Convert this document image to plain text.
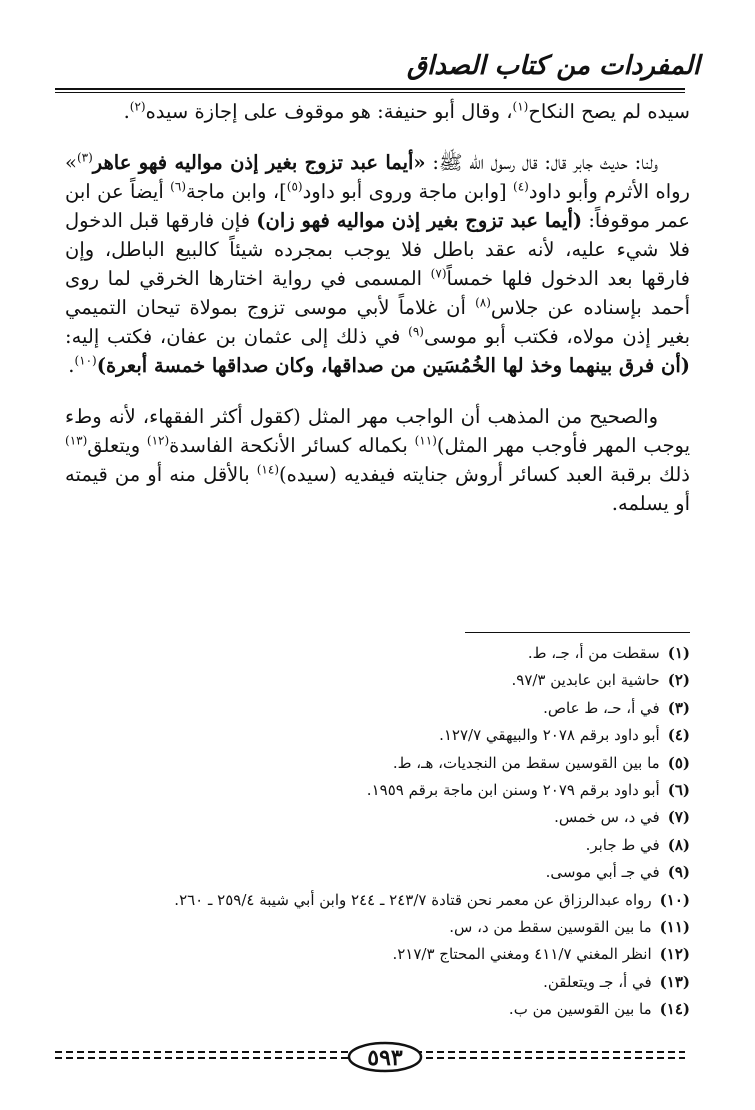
المفردات من كتاب الصداق

سيده لم يصح النكاح$^{(١)}$، وقال أبو حنيفة: هو موقوف على إجازة سيده$^{(٢)}$.

ولنا: حديث جابر قال: قال رسول الله ﷺ: «أيما عبد تزوج بغير إذن مواليه فهو عاهر$^{(٣)}$» رواه الأثرم وأبو داود$^{(٤)}$ [وابن ماجة وروى أبو داود$^{(٥)}$]، وابن ماجة$^{(٦)}$ أيضاً عن ابن عمر موقوفاً: (أيما عبد تزوج بغير إذن مواليه فهو زان) فإن فارقها قبل الدخول فلا شيء عليه، لأنه عقد باطل فلا يوجب بمجرده شيئاً كالبيع الباطل، وإن فارقها بعد الدخول فلها خمساً$^{(٧)}$ المسمى في رواية اختارها الخرقي لما روى أحمد بإسناده عن جلاس$^{(٨)}$ أن غلاماً لأبي موسى تزوج بمولاة تيحان التميمي بغير إذن مولاه، فكتب أبو موسى$^{(٩)}$ في ذلك إلى عثمان بن عفان، فكتب إليه: (أن فرق بينهما وخذ لها الخُمُسَين من صداقها، وكان صداقها خمسة أبعرة)$^{(١٠)}$.

والصحيح من المذهب أن الواجب مهر المثل (كقول أكثر الفقهاء، لأنه وطء يوجب المهر فأوجب مهر المثل)$^{(١١)}$ بكماله كسائر الأنكحة الفاسدة$^{(١٢)}$ ويتعلق$^{(١٣)}$ ذلك برقبة العبد كسائر أروش جنايته فيفديه (سيده)$^{(١٤)}$ بالأقل منه أو من قيمته أو يسلمه.

(١)سقطت من أ، جـ، ط.
(٢)حاشية ابن عابدين ٩٧/٣.
(٣)في أ، حـ، ط عاص.
(٤)أبو داود برقم ٢٠٧٨ والبيهقي ١٢٧/٧.
(٥)ما بين القوسين سقط من النجديات، هـ، ط.
(٦)أبو داود برقم ٢٠٧٩ وسنن ابن ماجة برقم ١٩٥٩.
(٧)في د، س خمس.
(٨)في ط جابر.
(٩)في جـ أبي موسى.
(١٠)رواه عبدالرزاق عن معمر نحن قتادة ٢٤٣/٧ ـ ٢٤٤ وابن أبي شيبة ٢٥٩/٤ ـ ٢٦٠.
(١١)ما بين القوسين سقط من د، س.
(١٢)انظر المغني ٤١١/٧ ومغني المحتاج ٢١٧/٣.
(١٣)في أ، جـ ويتعلقن.
(١٤)ما بين القوسين من ب.
٥٩٣
